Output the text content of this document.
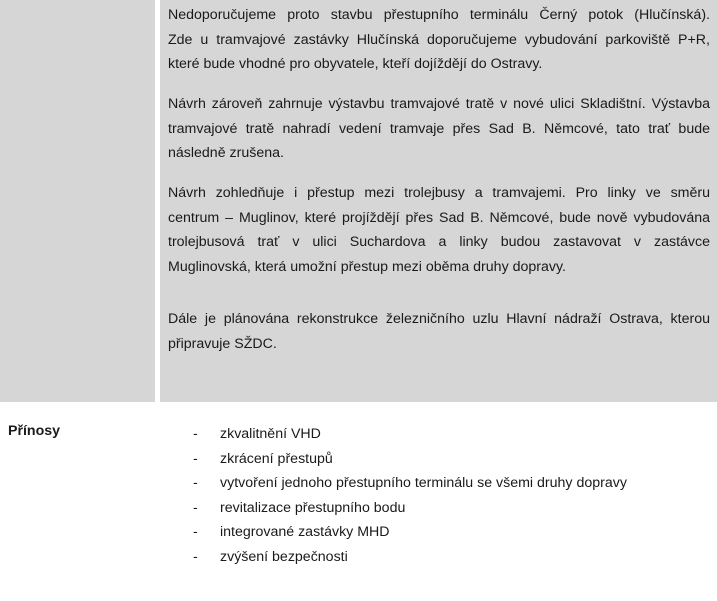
Nedoporučujeme proto stavbu přestupního terminálu Černý potok (Hlučínská).
Zde u tramvajové zastávky Hlučínská doporučujeme vybudování parkoviště P+R,
které bude vhodné pro obyvatele, kteří dojíždějí do Ostravy.
Návrh zároveň zahrnuje výstavbu tramvajové tratě v nové ulici Skladištní. Výstavba
tramvajové tratě nahradí vedení tramvaje přes Sad B. Němcové, tato trať bude
následně zrušena.
Návrh zohledňuje i přestup mezi trolejbusy a tramvajemi. Pro linky ve směru
centrum – Muglinov, které projíždějí přes Sad B. Němcové, bude nově vybudována
trolejbusová trať v ulici Suchardova a linky budou zastavovat v zastávce
Muglinovská, která umožní přestup mezi oběma druhy dopravy.
Dále je plánována rekonstrukce železničního uzlu Hlavní nádraží Ostrava, kterou
připravuje SŽDC.
Přínosy	- zkvalitnění VHD
- zkrácení přestupů
- vytvoření jednoho přestupního terminálu se všemi druhy dopravy
- revitalizace přestupního bodu
- integrované zastávky MHD
- zvýšení bezpečnosti
